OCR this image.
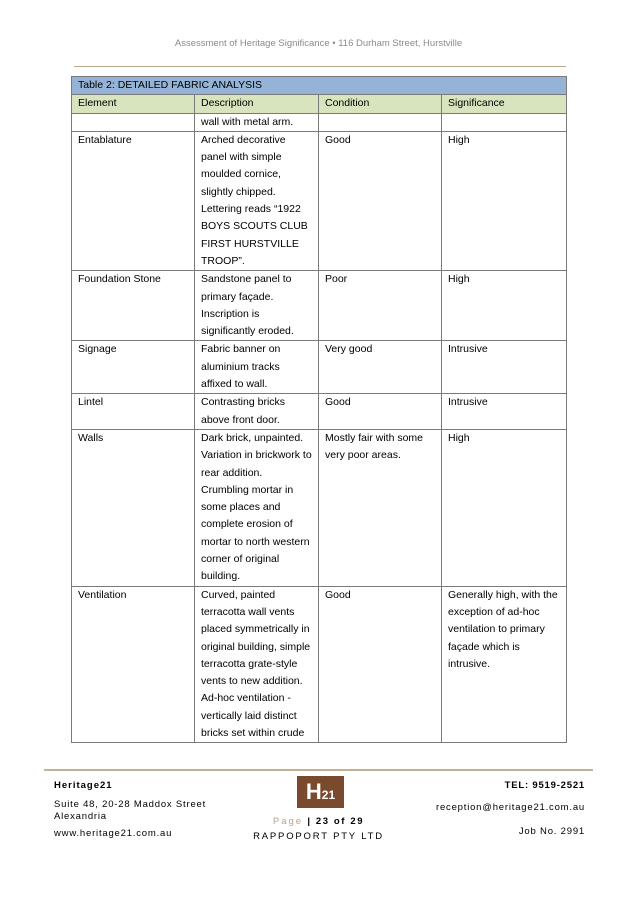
Assessment of Heritage Significance • 116 Durham Street, Hurstville
Table 2: DETAILED FABRIC ANALYSIS			
Element	Description	Condition	Significance
	wall with metal arm.		
Entablature	Arched decorative panel with simple moulded cornice, slightly chipped. Lettering reads “1922 BOYS SCOUTS CLUB FIRST HURSTVILLE TROOP”.	Good	High
Foundation Stone	Sandstone panel to primary façade. Inscription is significantly eroded.	Poor	High
Signage	Fabric banner on aluminium tracks affixed to wall.	Very good	Intrusive
Lintel	Contrasting bricks above front door.	Good	Intrusive
Walls	Dark brick, unpainted. Variation in brickwork to rear addition. Crumbling mortar in some places and complete erosion of mortar to north western corner of original building.	Mostly fair with some very poor areas.	High
Ventilation	Curved, painted terracotta wall vents placed symmetrically in original building, simple terracotta grate-style vents to new addition. Ad-hoc ventilation - vertically laid distinct bricks set within crude	Good	Generally high, with the exception of ad-hoc ventilation to primary façade which is intrusive.
Heritage21
Suite 48, 20-28 Maddox Street
Alexandria
www.heritage21.com.au
H21
Page | 23 of 29
RAPPOPORT PTY LTD
TEL: 9519-2521
reception@heritage21.com.au
Job No. 2991
